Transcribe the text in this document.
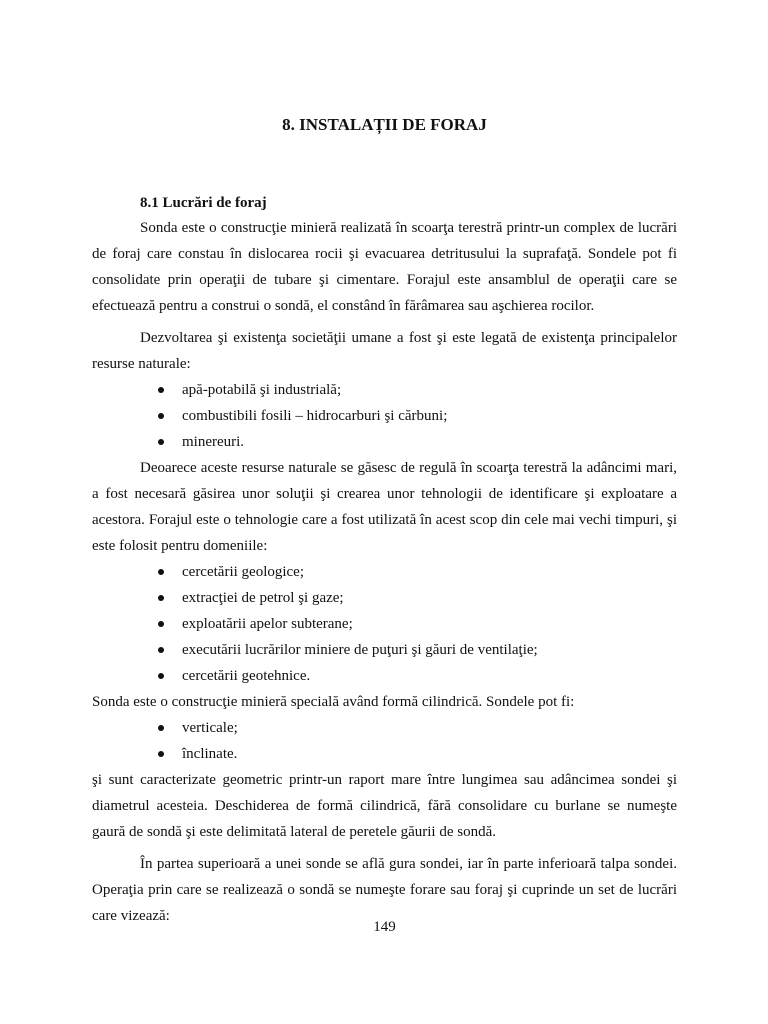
8. INSTALAȚII DE FORAJ
8.1 Lucrări de foraj

Sonda este o construcţie minieră realizată în scoarţa terestră printr-un complex de lucrări de foraj care constau în dislocarea rocii şi evacuarea detritusului la suprafaţă. Sondele pot fi consolidate prin operaţii de tubare şi cimentare. Forajul este ansamblul de operaţii care se efectuează pentru a construi o sondă, el constând în fărâmarea sau aşchierea rocilor.

Dezvoltarea şi existenţa societăţii umane a fost şi este legată de existenţa principalelor resurse naturale:

apă-potabilă şi industrială;
combustibili fosili – hidrocarburi şi cărbuni;
minereuri.

Deoarece aceste resurse naturale se găsesc de regulă în scoarţa terestră la adâncimi mari, a fost necesară găsirea unor soluţii şi crearea unor tehnologii de identificare şi exploatare a acestora. Forajul este o tehnologie care a fost utilizată în acest scop din cele mai vechi timpuri, şi este folosit pentru domeniile:

cercetării geologice;
extracţiei de petrol şi gaze;
exploatării apelor subterane;
executării lucrărilor miniere de puţuri şi găuri de ventilaţie;
cercetării geotehnice.

Sonda este o construcţie minieră specială având formă cilindrică. Sondele pot fi:

verticale;
înclinate.

şi sunt caracterizate geometric printr-un raport mare între lungimea sau adâncimea sondei şi diametrul acesteia. Deschiderea de formă cilindrică, fără consolidare cu burlane se numeşte gaură de sondă şi este delimitată lateral de peretele găurii de sondă.

În partea superioară a unei sonde se află gura sondei, iar în parte inferioară talpa sondei. Operaţia prin care se realizează o sondă se numeşte forare sau foraj şi cuprinde un set de lucrări care vizează:

149
